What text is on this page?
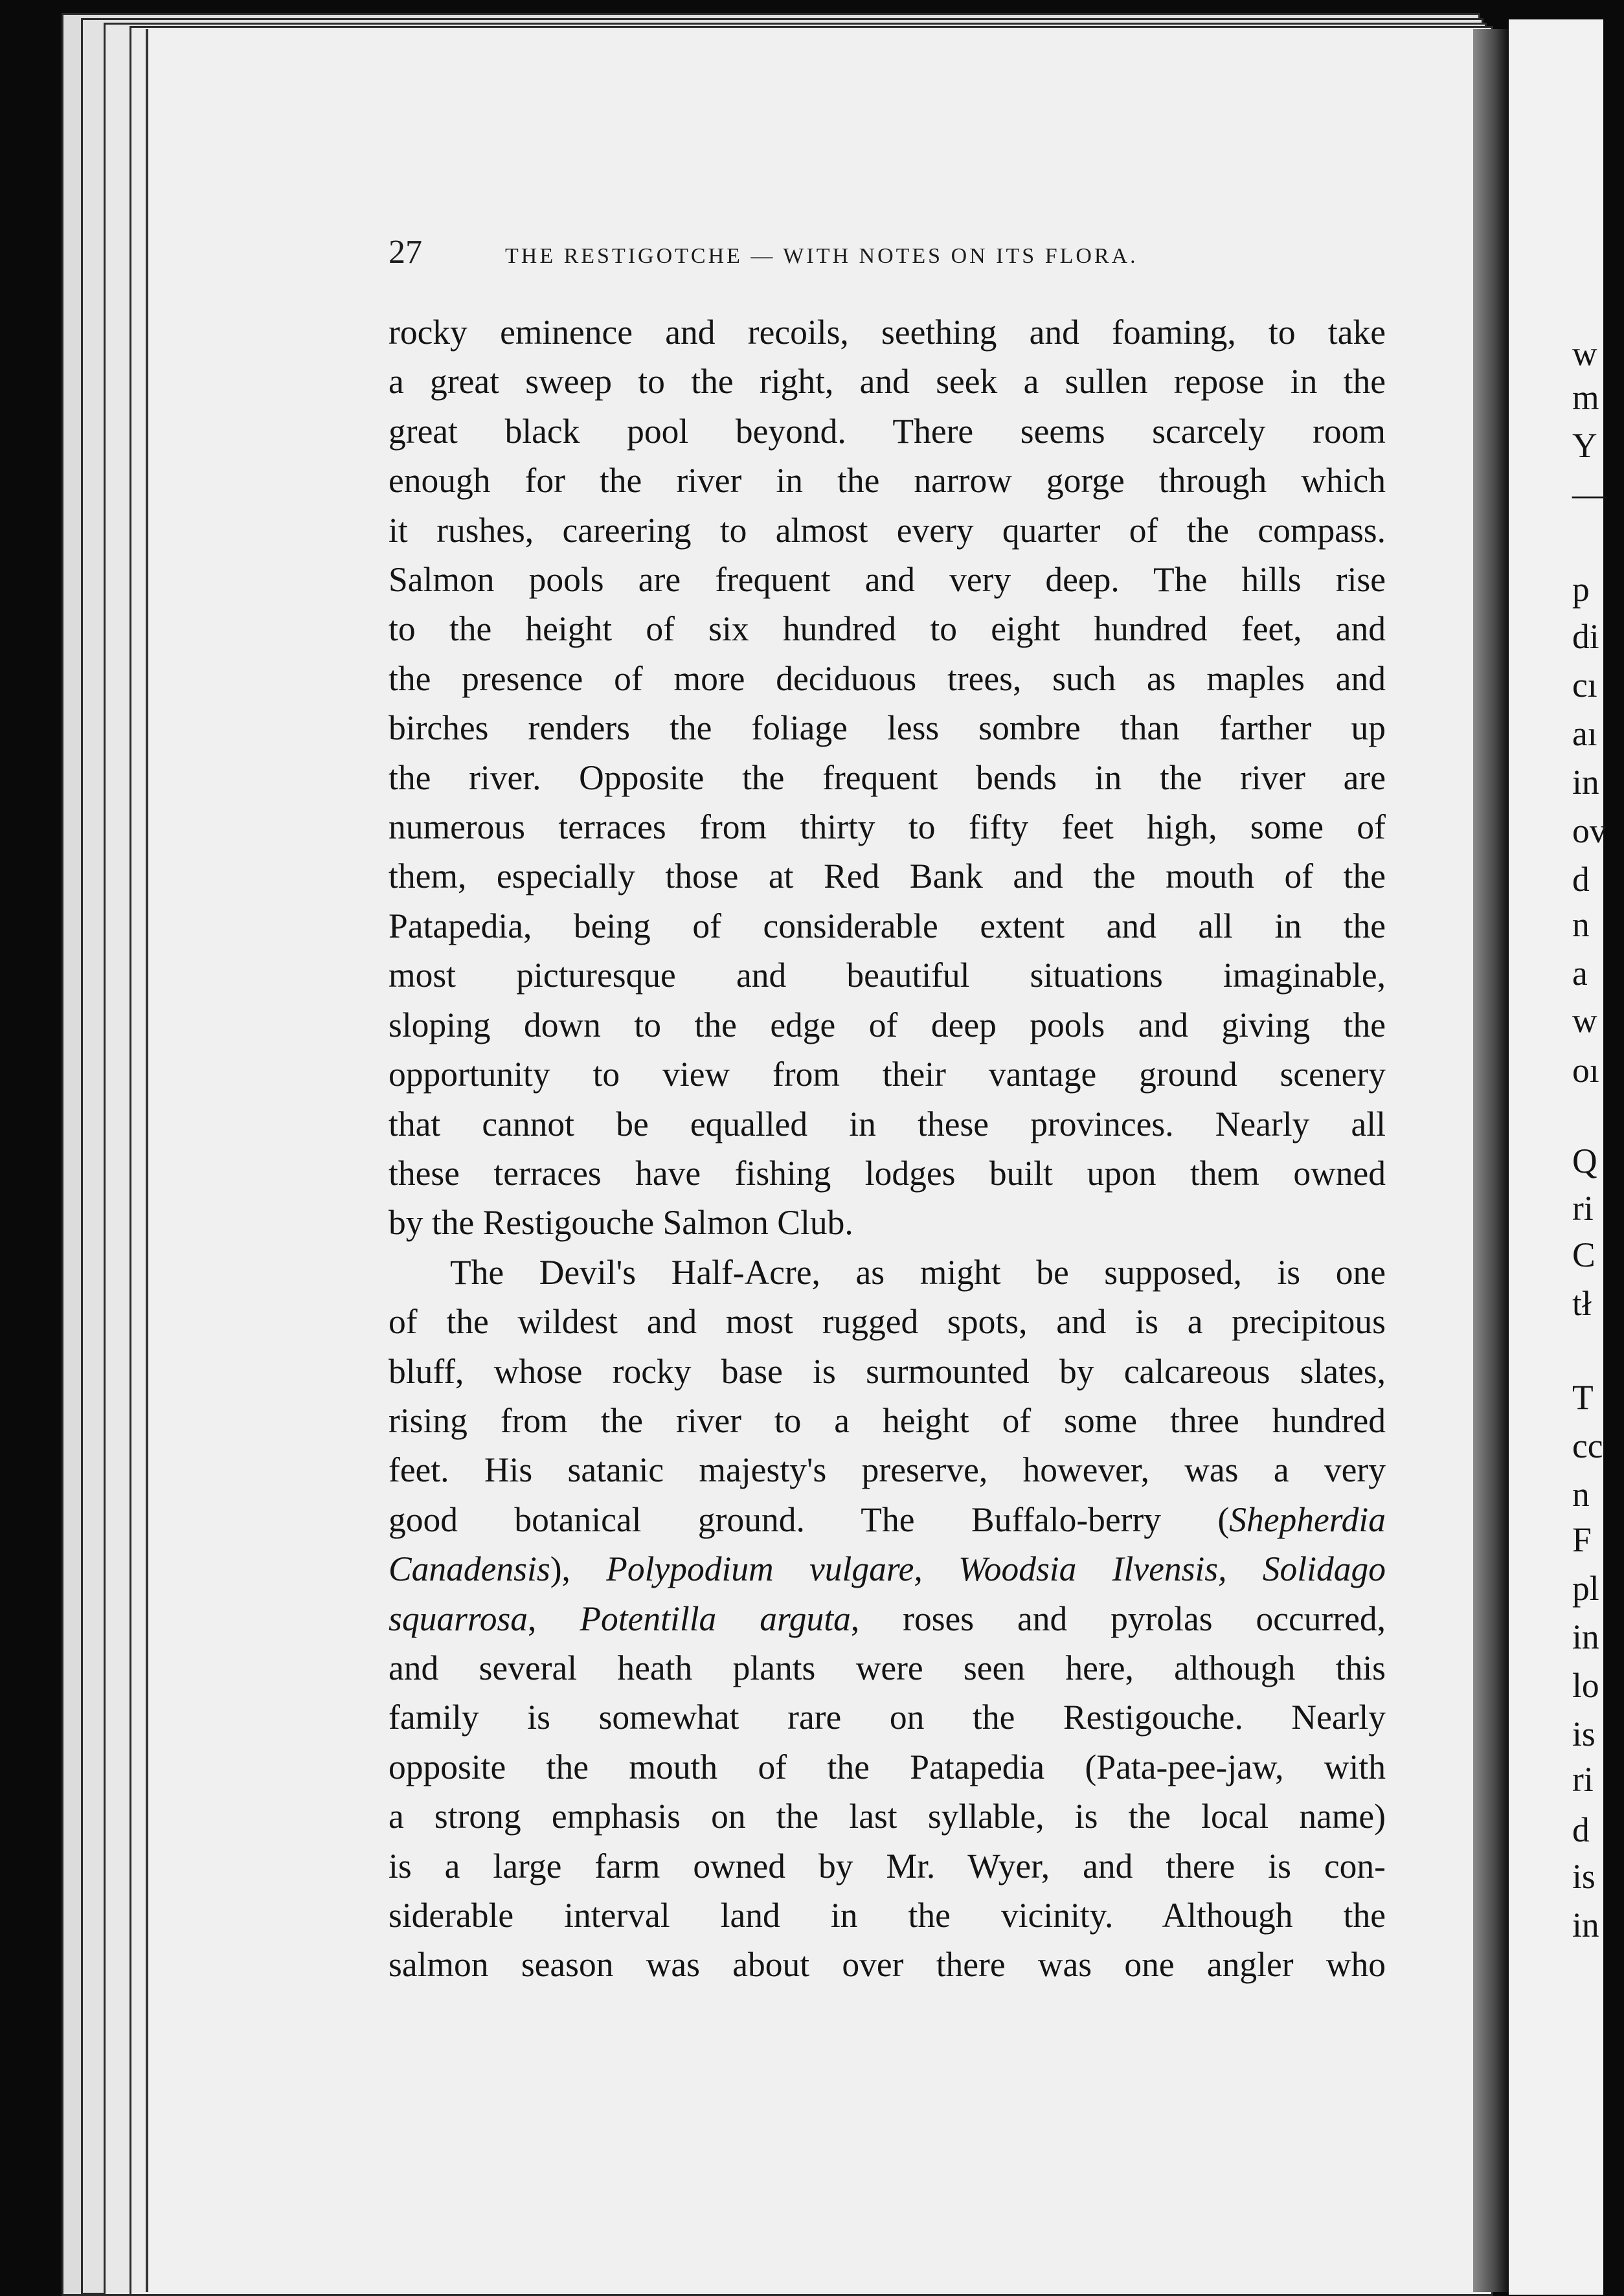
27	THE RESTIGOTCHE — WITH NOTES ON ITS FLORA.
rocky eminence and recoils, seething and foaming, to take
a great sweep to the right, and seek a sullen repose in the
great black pool beyond. There seems scarcely room
enough for the river in the narrow gorge through which
it rushes, careering to almost every quarter of the compass.
Salmon pools are frequent and very deep. The hills rise
to the height of six hundred to eight hundred feet, and
the presence of more deciduous trees, such as maples and
birches renders the foliage less sombre than farther up
the river. Opposite the frequent bends in the river are
numerous terraces from thirty to fifty feet high, some of
them, especially those at Red Bank and the mouth of the
Patapedia, being of considerable extent and all in the
most picturesque and beautiful situations imaginable,
sloping down to the edge of deep pools and giving the
opportunity to view from their vantage ground scenery
that cannot be equalled in these provinces. Nearly all
these terraces have fishing lodges built upon them owned
by the Restigouche Salmon Club.
The Devil's Half-Acre, as might be supposed, is one
of the wildest and most rugged spots, and is a precipitous
bluff, whose rocky base is surmounted by calcareous slates,
rising from the river to a height of some three hundred
feet. His satanic majesty's preserve, however, was a very
good botanical ground. The Buffalo-berry (Shepherdia
Canadensis), Polypodium vulgare, Woodsia Ilvensis, Solidago
squarrosa, Potentilla arguta, roses and pyrolas occurred,
and several heath plants were seen here, although this
family is somewhat rare on the Restigouche. Nearly
opposite the mouth of the Patapedia (Pata-pee-jaw, with
a strong emphasis on the last syllable, is the local name)
is a large farm owned by Mr. Wyer, and there is con-
siderable interval land in the vicinity. Although the
salmon season was about over there was one angler who
w
m
Y
—
p
di
cı
aı
in
ov
d
n
a
w
oı
Q
ri
C
tł
T
cc
n
F
pl
in
lo
is
ri
d
is
in
